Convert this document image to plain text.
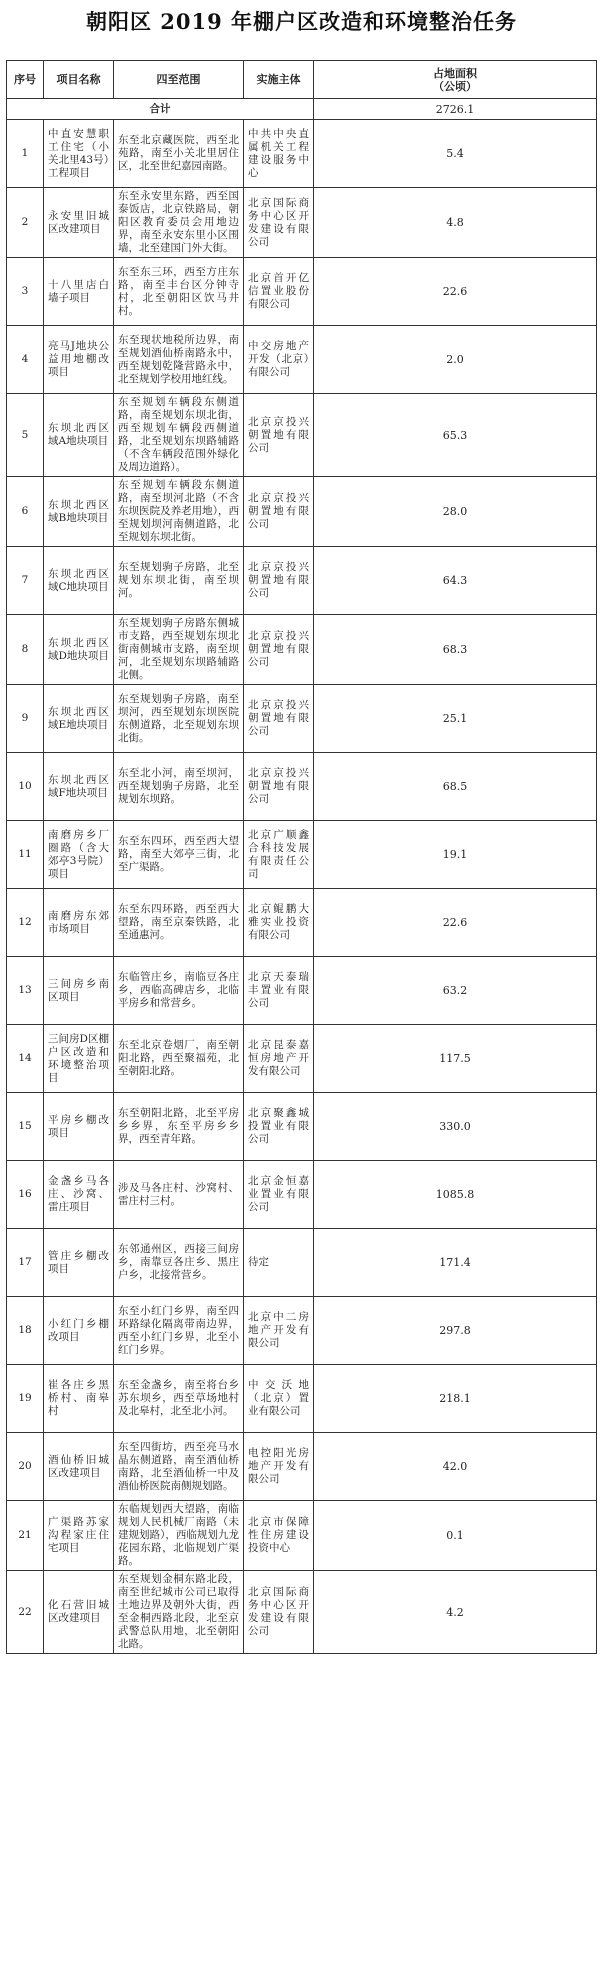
朝阳区 2019 年棚户区改造和环境整治任务
序号	项目名称	四至范围	实施主体	占地面积
（公顷）
合计				2726.1
1	中直安慧职工住宅（小关北里43号）工程项目	东至北京藏医院，西至北苑路，南至小关北里居住区，北至世纪嘉园南路。	中共中央直属机关工程建设服务中心	5.4
2	永安里旧城区改建项目	东至永安里东路，西至国泰饭店，北京铁路局，朝阳区教育委员会用地边界，南至永安东里小区围墙，北至建国门外大街。	北京国际商务中心区开发建设有限公司	4.8
3	十八里店白墙子项目	东至东三环，西至方庄东路，南至丰台区分钟寺村，北至朝阳区饮马井村。	北京首开亿信置业股份有限公司	22.6
4	亮马J地块公益用地棚改项目	东至现状地税所边界，南至规划酒仙桥南路永中，西至规划乾隆营路永中，北至规划学校用地红线。	中交房地产开发（北京）有限公司	2.0
5	东坝北西区域A地块项目	东至规划车辆段东侧道路，南至规划东坝北街，西至规划车辆段西侧道路，北至规划东坝路辅路（不含车辆段范围外绿化及周边道路）。	北京京投兴朝置地有限公司	65.3
6	东坝北西区域B地块项目	东至规划车辆段东侧道路，南至坝河北路（不含东坝医院及养老用地），西至规划坝河南侧道路，北至规划东坝北街。	北京京投兴朝置地有限公司	28.0
7	东坝北西区域C地块项目	东至规划驹子房路，北至规划东坝北街，南至坝河。	北京京投兴朝置地有限公司	64.3
8	东坝北西区域D地块项目	东至规划驹子房路东侧城市支路，西至规划东坝北街南侧城市支路，南至坝河，北至规划东坝路辅路北侧。	北京京投兴朝置地有限公司	68.3
9	东坝北西区域E地块项目	东至规划驹子房路，南至坝河，西至规划东坝医院东侧道路，北至规划东坝北街。	北京京投兴朝置地有限公司	25.1
10	东坝北西区域F地块项目	东至北小河，南至坝河，西至规划驹子房路，北至规划东坝路。	北京京投兴朝置地有限公司	68.5
11	南磨房乡厂圈路（含大郊亭3号院）项目	东至东四环，西至西大望路，南至大郊亭三街，北至广渠路。	北京广顺鑫合科技发展有限责任公司	19.1
12	南磨房东郊市场项目	东至东四环路，西至西大望路，南至京秦铁路，北至通惠河。	北京鲲鹏大雅实业投资有限公司	22.6
13	三间房乡南区项目	东临管庄乡，南临豆各庄乡，西临高碑店乡，北临平房乡和常营乡。	北京天泰瑞丰置业有限公司	63.2
14	三间房D区棚户区改造和环境整治项目	东至北京卷烟厂，南至朝阳北路，西至聚福苑，北至朝阳北路。	北京昆泰嘉恒房地产开发有限公司	117.5
15	平房乡棚改项目	东至朝阳北路，北至平房乡乡界，东至平房乡乡界，西至青年路。	北京聚鑫城投置业有限公司	330.0
16	金盏乡马各庄、沙窝、雷庄项目	涉及马各庄村、沙窝村、雷庄村三村。	北京金恒嘉业置业有限公司	1085.8
17	管庄乡棚改项目	东邻通州区，西接三间房乡，南靠豆各庄乡、黑庄户乡，北接常营乡。	待定	171.4
18	小红门乡棚改项目	东至小红门乡界，南至四环路绿化隔离带南边界，西至小红门乡界，北至小红门乡界。	北京中二房地产开发有限公司	297.8
19	崔各庄乡黑桥村、南皋村	东至金盏乡，南至将台乡苏东坝乡，西至草场地村及北皋村，北至北小河。	中交沃地（北京）置业有限公司	218.1
20	酒仙桥旧城区改建项目	东至四街坊，西至亮马水晶东侧道路，南至酒仙桥南路，北至酒仙桥一中及酒仙桥医院南侧规划路。	电控阳光房地产开发有限公司	42.0
21	广渠路苏家沟程家庄住宅项目	东临规划西大望路，南临规划人民机械厂南路（未建规划路），西临规划九龙花园东路，北临规划广渠路。	北京市保障性住房建设投资中心	0.1
22	化石营旧城区改建项目	东至规划金桐东路北段，南至世纪城市公司已取得土地边界及朝外大街，西至金桐西路北段，北至京武警总队用地，北至朝阳北路。	北京国际商务中心区开发建设有限公司	4.2
